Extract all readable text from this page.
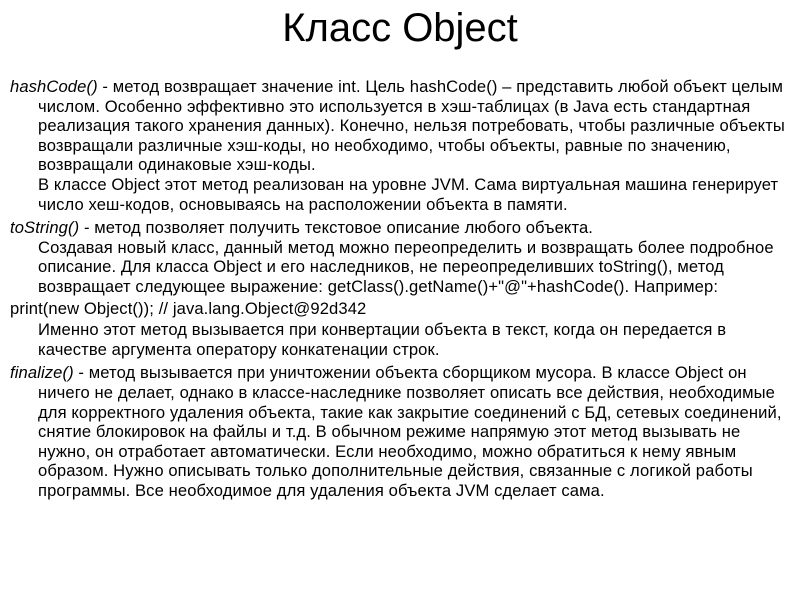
Класс Object

hashCode() - метод возвращает значение int. Цель hashCode() – представить любой объект целым числом. Особенно эффективно это используется в хэш-таблицах (в Java есть стандартная реализация такого хранения данных). Конечно, нельзя потребовать, чтобы различные объекты возвращали различные хэш-коды, но необходимо, чтобы объекты, равные по значению, возвращали одинаковые хэш-коды.

В классе Object этот метод реализован на уровне JVM. Сама виртуальная машина генерирует число хеш-кодов, основываясь на расположении объекта в памяти.

toString() - метод позволяет получить текстовое описание любого объекта.

Создавая новый класс, данный метод можно переопределить и возвращать более подробное описание. Для класса Object и его наследников, не переопределивших toString(), метод возвращает следующее выражение: getClass().getName()+"@"+hashCode(). Например:

print(new Object()); // java.lang.Object@92d342

Именно этот метод вызывается при конвертации объекта в текст, когда он передается в качестве аргумента оператору конкатенации строк.

finalize() - метод вызывается при уничтожении объекта сборщиком мусора. В классе Object он ничего не делает, однако в классе-наследнике позволяет описать все действия, необходимые для корректного удаления объекта, такие как закрытие соединений с БД, сетевых соединений, снятие блокировок на файлы и т.д. В обычном режиме напрямую этот метод вызывать не нужно, он отработает автоматически. Если необходимо, можно обратиться к нему явным образом. Нужно описывать только дополнительные действия, связанные с логикой работы программы. Все необходимое для удаления объекта JVM сделает сама.
